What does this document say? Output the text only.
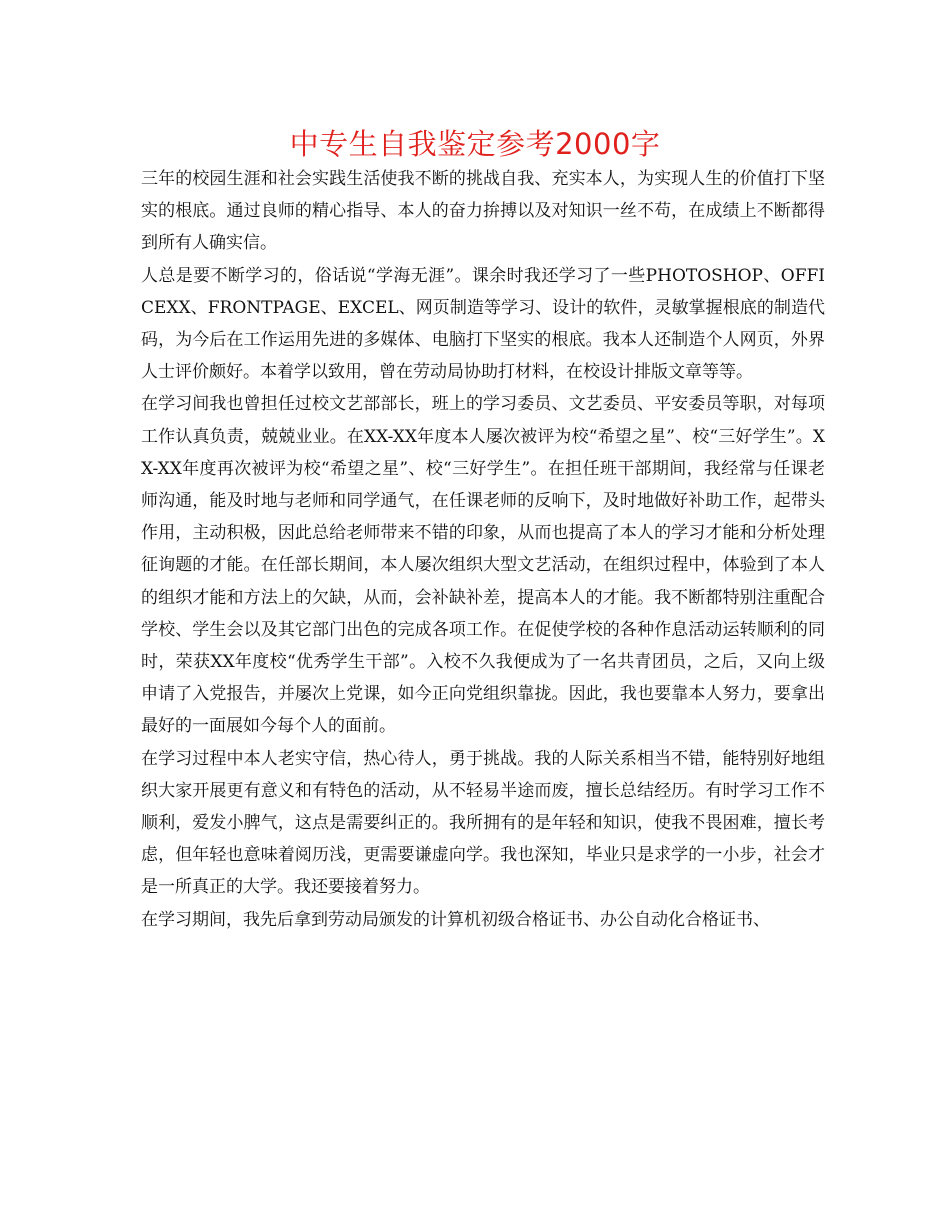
中专生自我鉴定参考2000字

三年的校园生涯和社会实践生活使我不断的挑战自我、充实本人，为实现人生的价值打下坚实的根底。通过良师的精心指导、本人的奋力拚搏以及对知识一丝不苟，在成绩上不断都得到所有人确实信。

人总是要不断学习的，俗话说“学海无涯”。课余时我还学习了一些PHOTOSHOP、OFFICEXX、FRONTPAGE、EXCEL、网页制造等学习、设计的软件，灵敏掌握根底的制造代码，为今后在工作运用先进的多媒体、电脑打下坚实的根底。我本人还制造个人网页，外界人士评价颇好。本着学以致用，曾在劳动局协助打材料，在校设计排版文章等等。

在学习间我也曾担任过校文艺部部长，班上的学习委员、文艺委员、平安委员等职，对每项工作认真负责，兢兢业业。在XX-XX年度本人屡次被评为校“希望之星”、校“三好学生”。XX-XX年度再次被评为校“希望之星”、校“三好学生”。在担任班干部期间，我经常与任课老师沟通，能及时地与老师和同学通气，在任课老师的反响下，及时地做好补助工作，起带头作用，主动积极，因此总给老师带来不错的印象，从而也提高了本人的学习才能和分析处理征询题的才能。在任部长期间，本人屡次组织大型文艺活动，在组织过程中，体验到了本人的组织才能和方法上的欠缺，从而，会补缺补差，提高本人的才能。我不断都特别注重配合学校、学生会以及其它部门出色的完成各项工作。在促使学校的各种作息活动运转顺利的同时，荣获XX年度校“优秀学生干部”。入校不久我便成为了一名共青团员，之后，又向上级申请了入党报告，并屡次上党课，如今正向党组织靠拢。因此，我也要靠本人努力，要拿出最好的一面展如今每个人的面前。

在学习过程中本人老实守信，热心待人，勇于挑战。我的人际关系相当不错，能特别好地组织大家开展更有意义和有特色的活动，从不轻易半途而废，擅长总结经历。有时学习工作不顺利，爱发小脾气，这点是需要纠正的。我所拥有的是年轻和知识，使我不畏困难，擅长考虑，但年轻也意味着阅历浅，更需要谦虚向学。我也深知，毕业只是求学的一小步，社会才是一所真正的大学。我还要接着努力。

在学习期间，我先后拿到劳动局颁发的计算机初级合格证书、办公自动化合格证书、
